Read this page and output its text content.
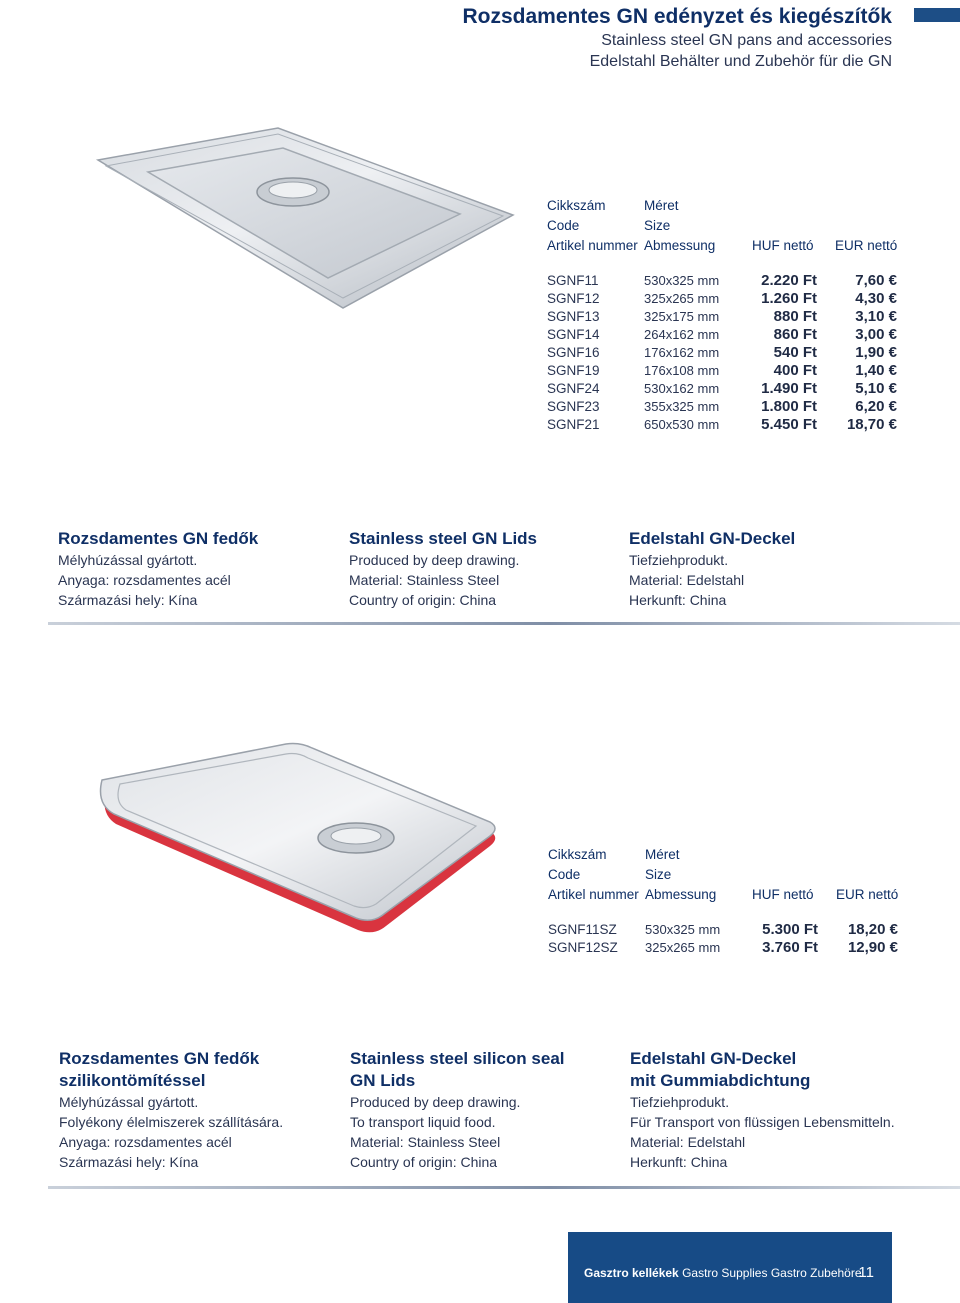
Rozsdamentes GN edényzet és kiegészítők
Stainless steel GN pans and accessories
Edelstahl Behälter und Zubehör für die GN
Cikkszám
Code
Artikel nummer
Méret
Size
Abmessung	HUF nettó EUR nettó
SGNF11	530x325 mm	2.220 Ft	7,60 €
SGNF12	325x265 mm	1.260 Ft	4,30 €
SGNF13	325x175 mm	880 Ft	3,10 €
SGNF14	264x162 mm	860 Ft	3,00 €
SGNF16	176x162 mm	540 Ft	1,90 €
SGNF19	176x108 mm	400 Ft	1,40 €
SGNF24	530x162 mm	1.490 Ft	5,10 €
SGNF23	355x325 mm	1.800 Ft	6,20 €
SGNF21	650x530 mm	5.450 Ft 18,70 €
Rozsdamentes GN fedők
Mélyhúzással gyártott.
Anyaga: rozsdamentes acél
Származási hely: Kína
Stainless steel GN Lids
Produced by deep drawing.
Material: Stainless Steel
Country of origin: China
Edelstahl GN-Deckel
Tiefziehprodukt.
Material: Edelstahl
Herkunft: China
Cikkszám
Code
Artikel nummer
Méret
Size
Abmessung	HUF nettó EUR nettó
SGNF11SZ 530x325 mm	5.300 Ft 18,20 €
SGNF12SZ 325x265 mm	3.760 Ft 12,90 €
Rozsdamentes GN fedők
szilikontömítéssel
Mélyhúzással gyártott.
Folyékony élelmiszerek szállítására.
Anyaga: rozsdamentes acél
Származási hely: Kína
Stainless steel silicon seal
GN Lids
Produced by deep drawing.
To transport liquid food.
Material: Stainless Steel
Country of origin: China
Edelstahl GN-Deckel
mit Gummiabdichtung
Tiefziehprodukt.
Für Transport von flüssigen Lebensmitteln.
Material: Edelstahl
Herkunft: China
Gasztro kellékek Gastro Supplies Gastro Zubehöre
11
